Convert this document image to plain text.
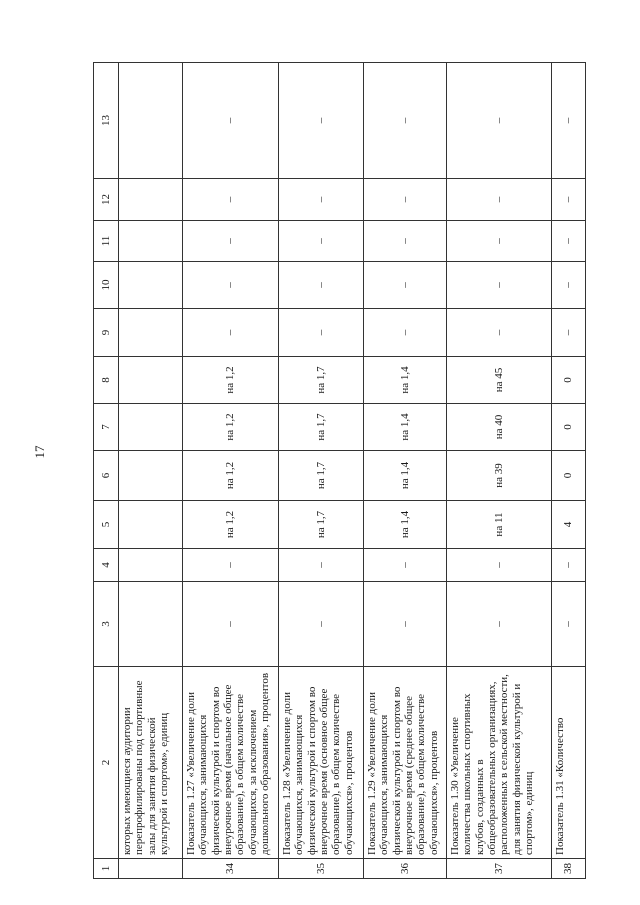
17
1	2	3	4	5	6	7	8	9	10	11	12	13
	которых имеющиеся аудитории перепрофилированы под спортивные залы для занятия физической культурой и спортом», единиц											
34	Показатель 1.27 «Увеличение доли обучающихся, занимающихся физической культурой и спортом во внеурочное время (начальное общее образование), в общем количестве обучающихся, за исключением дошкольного образования», процентов	–	–	на 1,2	на 1,2	на 1,2	на 1,2	–	–	–	–	–
35	Показатель 1.28 «Увеличение доли обучающихся, занимающихся физической культурой и спортом во внеурочное время (основное общее образование), в общем количестве обучающихся», процентов	–	–	на 1,7	на 1,7	на 1,7	на 1,7	–	–	–	–	–
36	Показатель 1.29 «Увеличение доли обучающихся, занимающихся физической культурой и спортом во внеурочное время (среднее общее образование), в общем количестве обучающихся», процентов	–	–	на 1,4	на 1,4	на 1,4	на 1,4	–	–	–	–	–
37	Показатель 1.30 «Увеличение количества школьных спортивных клубов, созданных в общеобразовательных организациях, расположенных в сельской местности, для занятия физической культурой и спортом», единиц	–	–	на 11	на 39	на 40	на 45	–	–	–	–	–
38	Показатель 1.31 «Количество	–	–	4	0	0	0	–	–	–	–	–
